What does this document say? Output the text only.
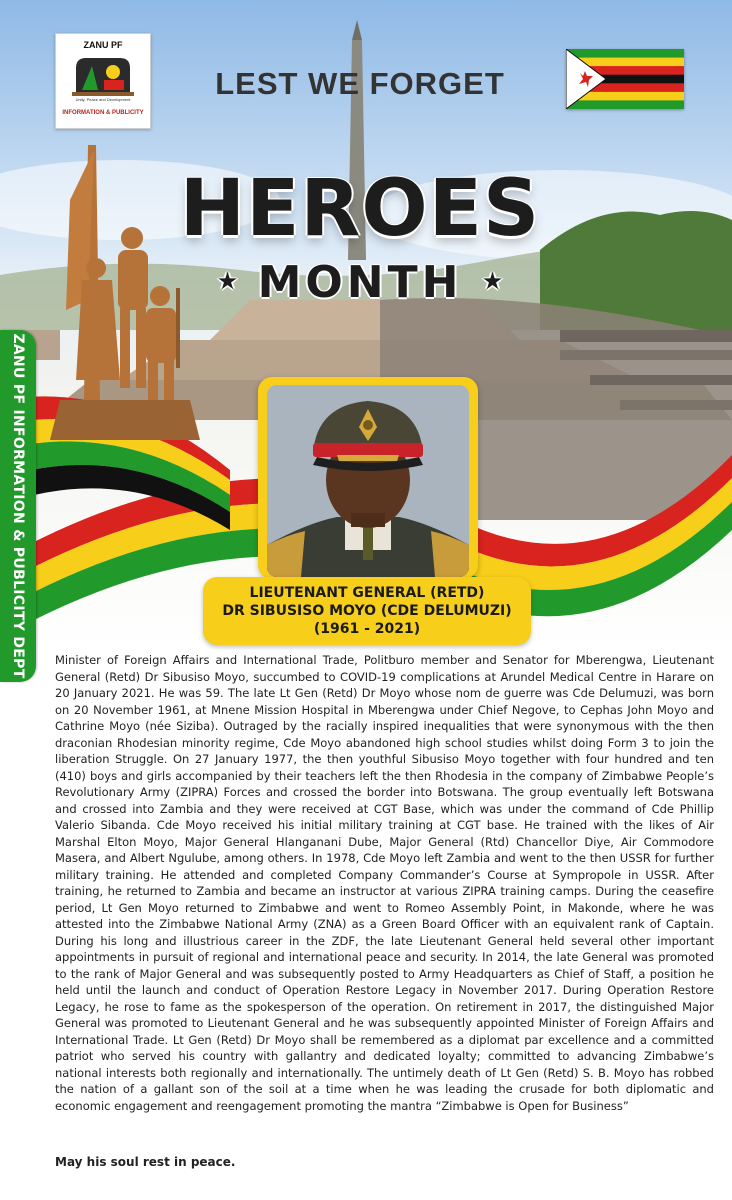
ZANU PF
Unity, Peace and Development
INFORMATION & PUBLICITY
LEST WE FORGET
HEROES
★ MONTH ★
LIEUTENANT GENERAL (RETD)
DR SIBUSISO MOYO (CDE DELUMUZI)
(1961 - 2021)
ZANU PF INFORMATION & PUBLICITY DEPT	Minister of Foreign Affairs and International Trade, Politburo member and Senator for Mberengwa, Lieutenant General (Retd) Dr Sibusiso Moyo, succumbed to COVID-19 complications at Arundel Medical Centre in Harare on 20 January 2021. He was 59. The late Lt Gen (Retd) Dr Moyo whose nom de guerre was Cde Delumuzi, was born on 20 November 1961, at Mnene Mission Hospital in Mberengwa under Chief Negove, to Cephas John Moyo and Cathrine Moyo (née Siziba). Outraged by the racially inspired inequalities that were synonymous with the then draconian Rhodesian minority regime, Cde Moyo abandoned high school studies whilst doing Form 3 to join the liberation Struggle. On 27 January 1977, the then youthful Sibusiso Moyo together with four hundred and ten (410) boys and girls accompanied by their teachers left the then Rhodesia in the company of Zimbabwe People’s Revolutionary Army (ZIPRA) Forces and crossed the border into Botswana. The group eventually left Botswana and crossed into Zambia and they were received at CGT Base, which was under the command of Cde Phillip Valerio Sibanda. Cde Moyo received his initial military training at CGT base. He trained with the likes of Air Marshal Elton Moyo, Major General Hlanganani Dube, Major General (Rtd) Chancellor Diye, Air Commodore Masera, and Albert Ngulube, among others. In 1978, Cde Moyo left Zambia and went to the then USSR for further military training. He attended and completed Company Commander’s Course at Sympropole in USSR. After training, he returned to Zambia and became an instructor at various ZIPRA training camps. During the ceasefire period, Lt Gen Moyo returned to Zimbabwe and went to Romeo Assembly Point, in Makonde, where he was attested into the Zimbabwe National Army (ZNA) as a Green Board Officer with an equivalent rank of Captain. During his long and illustrious career in the ZDF, the late Lieutenant General held several other important appointments in pursuit of regional and international peace and security. In 2014, the late General was promoted to the rank of Major General and was subsequently posted to Army Headquarters as Chief of Staff, a position he held until the launch and conduct of Operation Restore Legacy in November 2017. During Operation Restore Legacy, he rose to fame as the spokesperson of the operation. On retirement in 2017, the distinguished Major General was promoted to Lieutenant General and he was subsequently appointed Minister of Foreign Affairs and International Trade. Lt Gen (Retd) Dr Moyo shall be remembered as a diplomat par excellence and a committed patriot who served his country with gallantry and dedicated loyalty; committed to advancing Zimbabwe’s national interests both regionally and internationally. The untimely death of Lt Gen (Retd) S. B. Moyo has robbed the nation of a gallant son of the soil at a time when he was leading the crusade for both diplomatic and economic engagement and reengagement promoting the mantra “Zimbabwe is Open for Business”

May his soul rest in peace.
